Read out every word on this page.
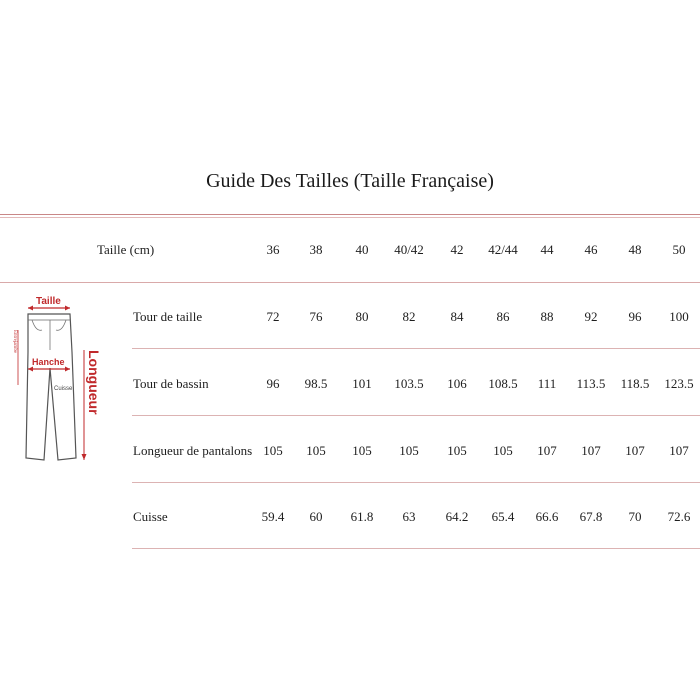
Guide Des Tailles (Taille Française)
Taille (cm)	36 38	40 40/42 42 42/44 44 46 48 50
Tour de taille	72 76	80	82	84	86 88 92 96 100
Tour de bassin	96 98.5 101 103.5 106 108.5 111 113.5 118.5 123.5
Longueur de pantalons 105 105 105 105 105 105 107 107 107 107
Cuisse	59.4 60 61.8 63 64.2 65.4 66.6 67.8 70 72.6
Taille
Hanche
Entrejambe
Cuisse Longueur
